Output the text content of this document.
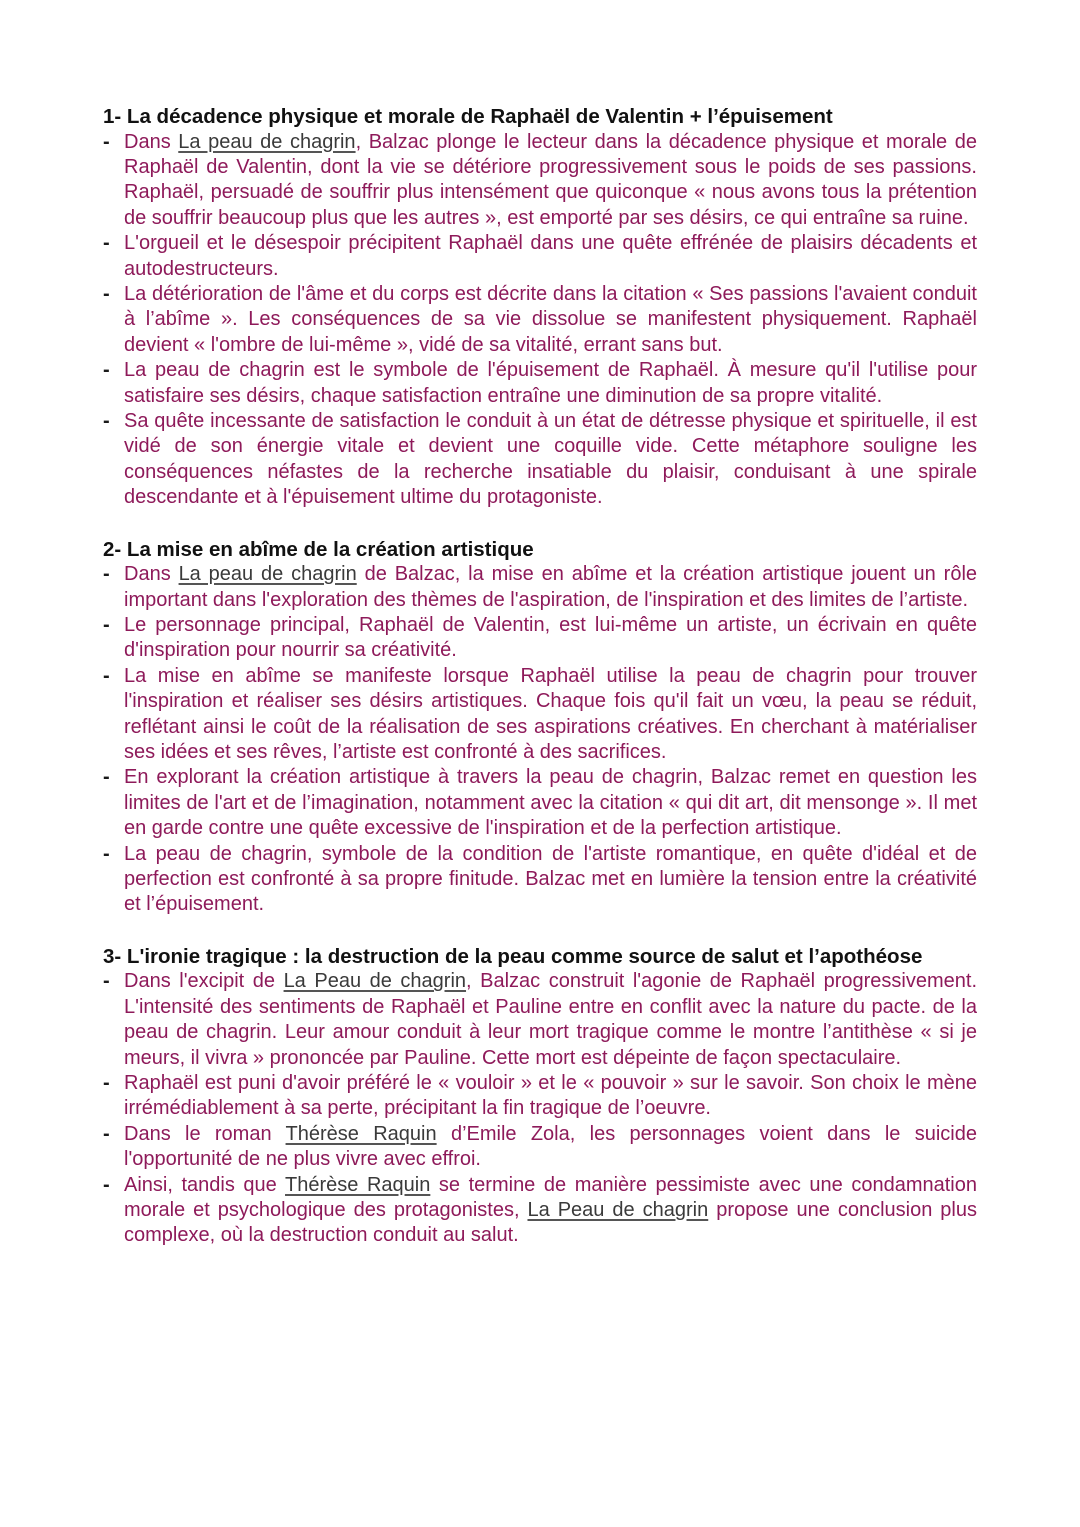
1- La décadence physique et morale de Raphaël de Valentin + l’épuisement
- Dans La peau de chagrin, Balzac plonge le lecteur dans la décadence physique et morale de Raphaël de Valentin, dont la vie se détériore progressivement sous le poids de ses passions. Raphaël, persuadé de souffrir plus intensément que quiconque « nous avons tous la prétention de souffrir beaucoup plus que les autres », est emporté par ses désirs, ce qui entraîne sa ruine.
- L'orgueil et le désespoir précipitent Raphaël dans une quête effrénée de plaisirs décadents et autodestructeurs.
- La détérioration de l'âme et du corps est décrite dans la citation « Ses passions l'avaient conduit à l’abîme ». Les conséquences de sa vie dissolue se manifestent physiquement. Raphaël devient « l'ombre de lui-même », vidé de sa vitalité, errant sans but.
- La peau de chagrin est le symbole de l'épuisement de Raphaël. À mesure qu'il l'utilise pour satisfaire ses désirs, chaque satisfaction entraîne une diminution de sa propre vitalité.
- Sa quête incessante de satisfaction le conduit à un état de détresse physique et spirituelle, il est vidé de son énergie vitale et devient une coquille vide. Cette métaphore souligne les conséquences néfastes de la recherche insatiable du plaisir, conduisant à une spirale descendante et à l'épuisement ultime du protagoniste.
2- La mise en abîme de la création artistique
- Dans La peau de chagrin de Balzac, la mise en abîme et la création artistique jouent un rôle important dans l'exploration des thèmes de l'aspiration, de l'inspiration et des limites de l’artiste.
- Le personnage principal, Raphaël de Valentin, est lui-même un artiste, un écrivain en quête d'inspiration pour nourrir sa créativité.
- La mise en abîme se manifeste lorsque Raphaël utilise la peau de chagrin pour trouver l'inspiration et réaliser ses désirs artistiques. Chaque fois qu'il fait un vœu, la peau se réduit, reflétant ainsi le coût de la réalisation de ses aspirations créatives. En cherchant à matérialiser ses idées et ses rêves, l’artiste est confronté à des sacrifices.
- En explorant la création artistique à travers la peau de chagrin, Balzac remet en question les limites de l'art et de l’imagination, notamment avec la citation « qui dit art, dit mensonge ». Il met en garde contre une quête excessive de l'inspiration et de la perfection artistique.
- La peau de chagrin, symbole de la condition de l'artiste romantique, en quête d'idéal et de perfection est confronté à sa propre finitude. Balzac met en lumière la tension entre la créativité et l’épuisement.
3- L'ironie tragique : la destruction de la peau comme source de salut et l’apothéose
- Dans l'excipit de La Peau de chagrin, Balzac construit l'agonie de Raphaël progressivement. L'intensité des sentiments de Raphaël et Pauline entre en conflit avec la nature du pacte. de la peau de chagrin. Leur amour conduit à leur mort tragique comme le montre l’antithèse « si je meurs, il vivra » prononcée par Pauline. Cette mort est dépeinte de façon spectaculaire.
- Raphaël est puni d'avoir préféré le « vouloir » et le « pouvoir » sur le savoir. Son choix le mène irrémédiablement à sa perte, précipitant la fin tragique de l’oeuvre.
- Dans le roman Thérèse Raquin d’Emile Zola, les personnages voient dans le suicide l'opportunité de ne plus vivre avec effroi.
- Ainsi, tandis que Thérèse Raquin se termine de manière pessimiste avec une condamnation morale et psychologique des protagonistes, La Peau de chagrin propose une conclusion plus complexe, où la destruction conduit au salut.
